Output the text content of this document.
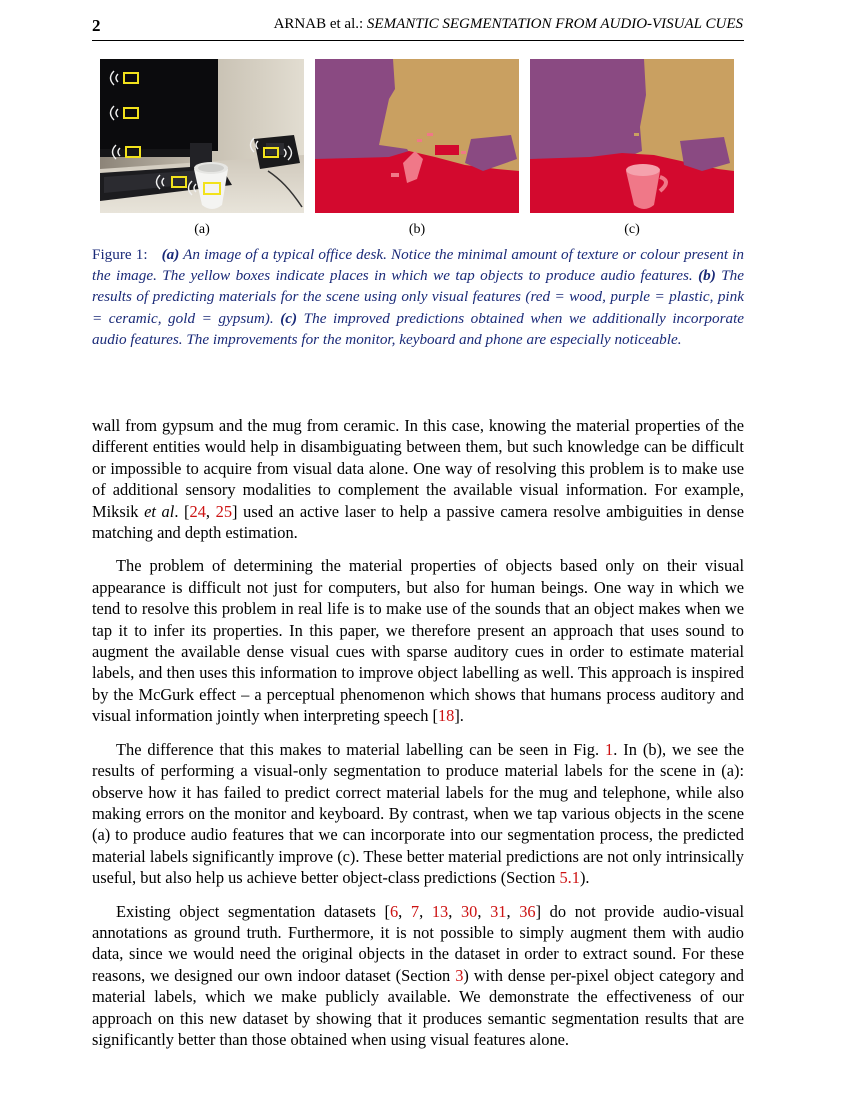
2	ARNAB et al.: SEMANTIC SEGMENTATION FROM AUDIO-VISUAL CUES
(a)	(b)	(c)
Figure 1: (a) An image of a typical office desk. Notice the minimal amount of texture or colour present in the image. The yellow boxes indicate places in which we tap objects to produce audio features. (b) The results of predicting materials for the scene using only visual features (red = wood, purple = plastic, pink = ceramic, gold = gypsum). (c) The improved predictions obtained when we additionally incorporate audio features. The improvements for the monitor, keyboard and phone are especially noticeable.

wall from gypsum and the mug from ceramic. In this case, knowing the material properties of the different entities would help in disambiguating between them, but such knowledge can be difficult or impossible to acquire from visual data alone. One way of resolving this problem is to make use of additional sensory modalities to complement the available visual information. For example, Miksik et al. [24, 25] used an active laser to help a passive camera resolve ambiguities in dense matching and depth estimation.

The problem of determining the material properties of objects based only on their visual appearance is difficult not just for computers, but also for human beings. One way in which we tend to resolve this problem in real life is to make use of the sounds that an object makes when we tap it to infer its properties. In this paper, we therefore present an approach that uses sound to augment the available dense visual cues with sparse auditory cues in order to estimate material labels, and then uses this information to improve object labelling as well. This approach is inspired by the McGurk effect – a perceptual phenomenon which shows that humans process auditory and visual information jointly when interpreting speech [18].

The difference that this makes to material labelling can be seen in Fig. 1. In (b), we see the results of performing a visual-only segmentation to produce material labels for the scene in (a): observe how it has failed to predict correct material labels for the mug and telephone, while also making errors on the monitor and keyboard. By contrast, when we tap various objects in the scene (a) to produce audio features that we can incorporate into our segmentation process, the predicted material labels significantly improve (c). These better material predictions are not only intrinsically useful, but also help us achieve better object-class predictions (Section 5.1).

Existing object segmentation datasets [6, 7, 13, 30, 31, 36] do not provide audio-visual annotations as ground truth. Furthermore, it is not possible to simply augment them with audio data, since we would need the original objects in the dataset in order to extract sound. For these reasons, we designed our own indoor dataset (Section 3) with dense per-pixel object category and material labels, which we make publicly available. We demonstrate the effectiveness of our approach on this new dataset by showing that it produces semantic segmentation results that are significantly better than those obtained when using visual features alone.
